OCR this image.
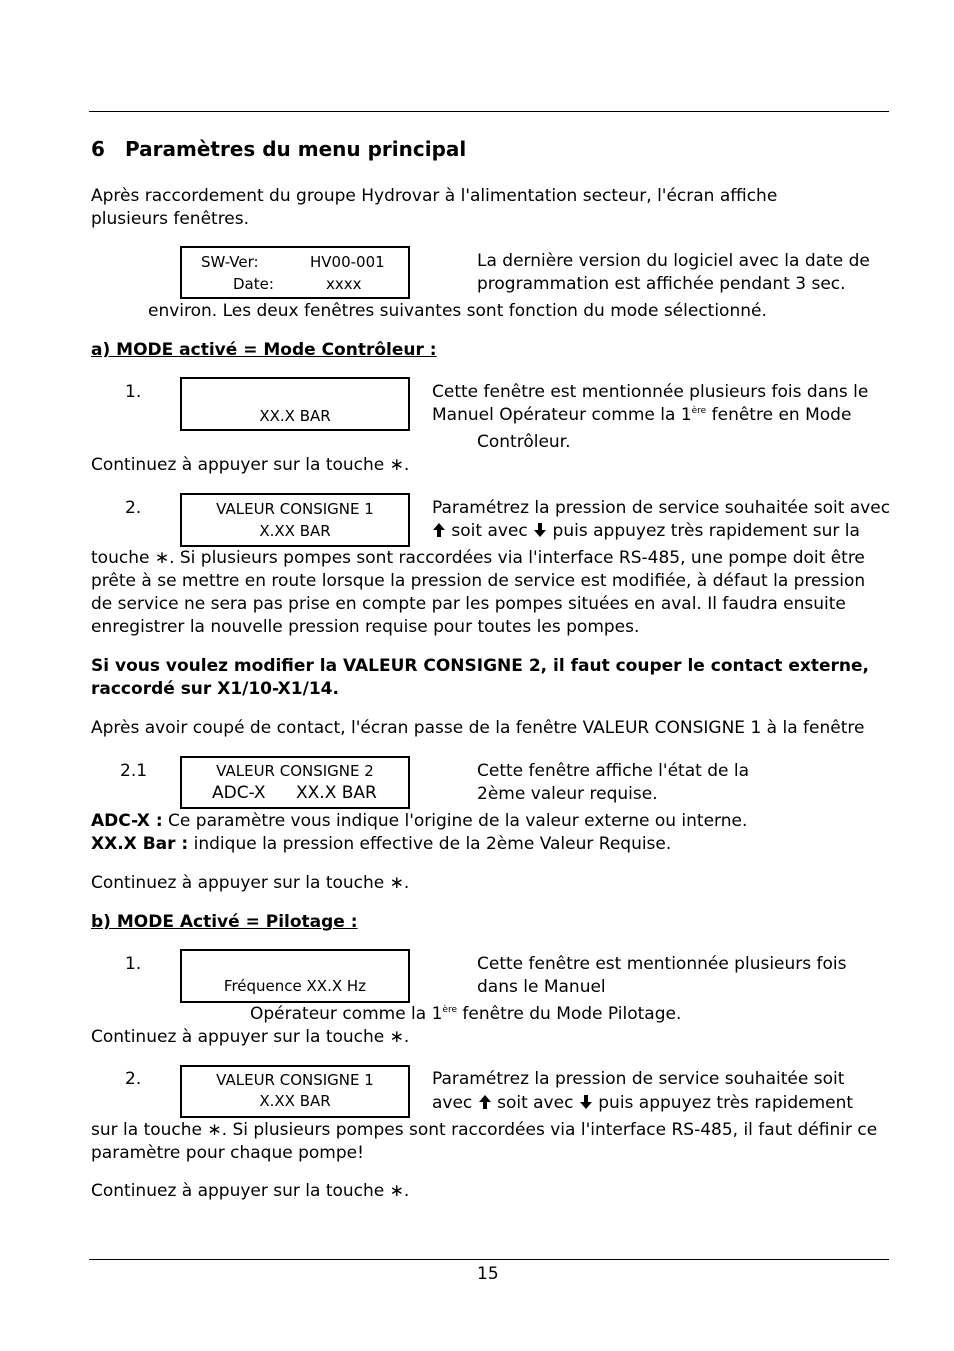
6 Paramètres du menu principal
Après raccordement du groupe Hydrovar à l'alimentation secteur, l'écran affiche
plusieurs fenêtres.
SW-Ver:	HV00-001
Date:	xxxx
La dernière version du logiciel avec la date de
programmation est affichée pendant 3 sec.
environ. Les deux fenêtres suivantes sont fonction du mode sélectionné.
a) MODE activé = Mode Contrôleur :
1.
XX.X BAR
Cette fenêtre est mentionnée plusieurs fois dans le
Manuel Opérateur comme la 1ère fenêtre en Mode
Contrôleur.
Continuez à appuyer sur la touche ∗.
2.	VALEUR CONSIGNE 1
X.XX BAR
Paramétrez la pression de service souhaitée soit avec
soit avec  puis appuyez très rapidement sur la
touche ∗. Si plusieurs pompes sont raccordées via l'interface RS-485, une pompe doit être
prête à se mettre en route lorsque la pression de service est modifiée, à défaut la pression
de service ne sera pas prise en compte par les pompes situées en aval. Il faudra ensuite
enregistrer la nouvelle pression requise pour toutes les pompes.
Si vous voulez modifier la VALEUR CONSIGNE 2, il faut couper le contact externe,
raccordé sur X1/10-X1/14.
Après avoir coupé de contact, l'écran passe de la fenêtre VALEUR CONSIGNE 1 à la fenêtre
2.1	VALEUR CONSIGNE 2
ADC-X XX.X BAR
Cette fenêtre affiche l'état de la
2ème valeur requise.
ADC-X : Ce paramètre vous indique l'origine de la valeur externe ou interne.
XX.X Bar : indique la pression effective de la 2ème Valeur Requise.
Continuez à appuyer sur la touche ∗.
b) MODE Activé = Pilotage :
1.
Fréquence XX.X Hz
Cette fenêtre est mentionnée plusieurs fois
dans le Manuel
Opérateur comme la 1ère fenêtre du Mode Pilotage.
Continuez à appuyer sur la touche ∗.
2.	VALEUR CONSIGNE 1
X.XX BAR
Paramétrez la pression de service souhaitée soit
avec  soit avec  puis appuyez très rapidement
sur la touche ∗. Si plusieurs pompes sont raccordées via l'interface RS-485, il faut définir ce
paramètre pour chaque pompe!
Continuez à appuyer sur la touche ∗.
15
